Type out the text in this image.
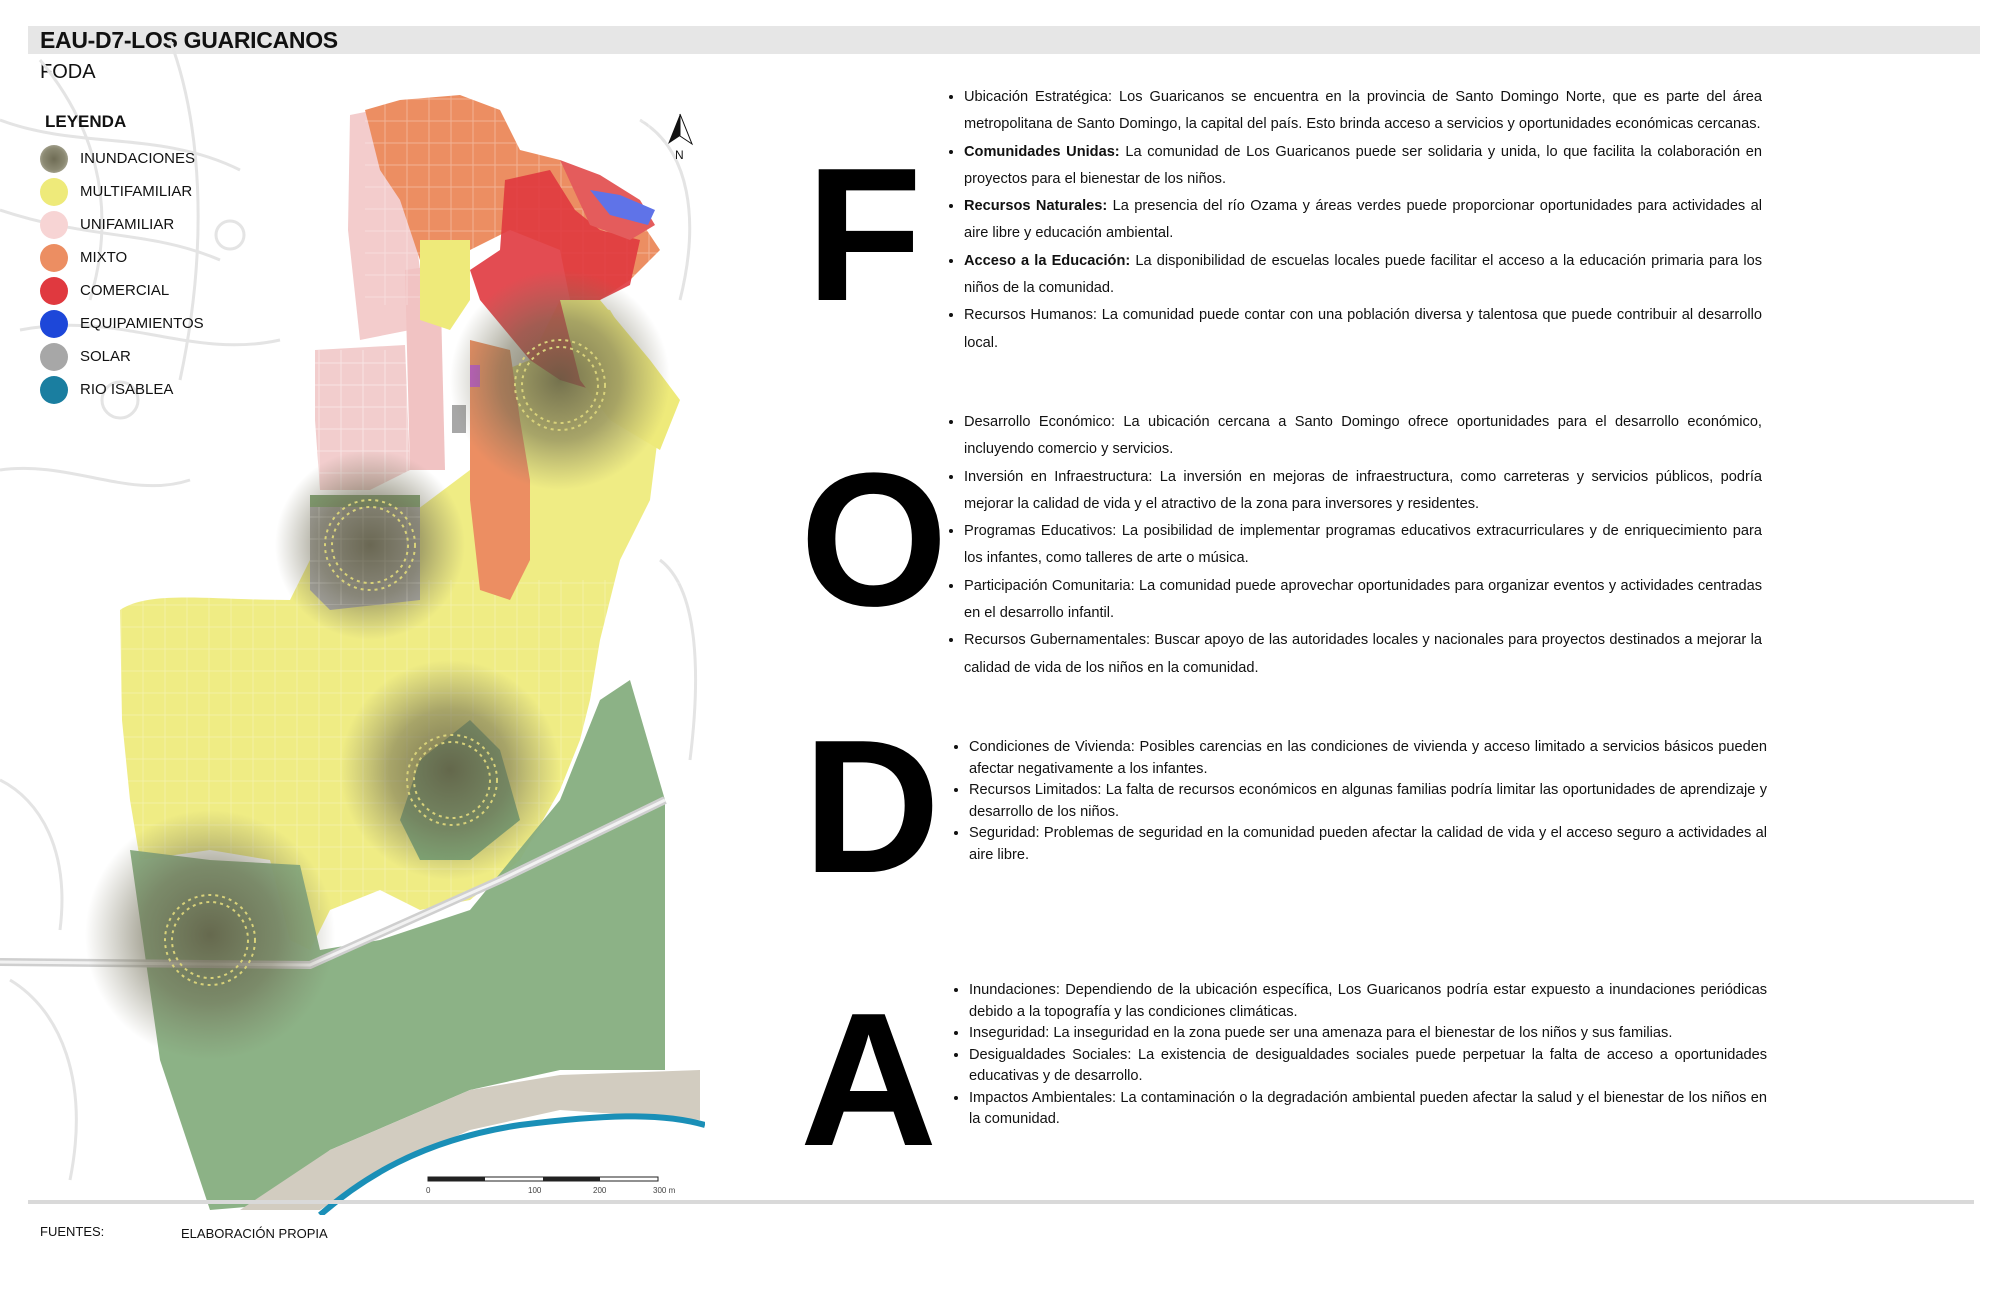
EAU-D7-LOS GUARICANOS
FODA
0	100	200	300 m
LEYENDA
INUNDACIONES
MULTIFAMILIAR
UNIFAMILIAR
MIXTO
COMERCIAL
EQUIPAMIENTOS
SOLAR
RIO ISABLEA
N F
O
D
A
• Ubicación Estratégica: Los Guaricanos se encuentra en la provincia de Santo Domingo Norte, que es parte del área metropolitana de Santo Domingo, la capital del país. Esto brinda acceso a servicios y oportunidades económicas cercanas.
• Comunidades Unidas: La comunidad de Los Guaricanos puede ser solidaria y unida, lo que facilita la colaboración en proyectos para el bienestar de los niños.
• Recursos Naturales: La presencia del río Ozama y áreas verdes puede proporcionar oportunidades para actividades al aire libre y educación ambiental.
• Acceso a la Educación: La disponibilidad de escuelas locales puede facilitar el acceso a la educación primaria para los niños de la comunidad.
• Recursos Humanos: La comunidad puede contar con una población diversa y talentosa que puede contribuir al desarrollo local.
• Desarrollo Económico: La ubicación cercana a Santo Domingo ofrece oportunidades para el desarrollo económico, incluyendo comercio y servicios.
• Inversión en Infraestructura: La inversión en mejoras de infraestructura, como carreteras y servicios públicos, podría mejorar la calidad de vida y el atractivo de la zona para inversores y residentes.
• Programas Educativos: La posibilidad de implementar programas educativos extracurriculares y de enriquecimiento para los infantes, como talleres de arte o música.
• Participación Comunitaria: La comunidad puede aprovechar oportunidades para organizar eventos y actividades centradas en el desarrollo infantil.
• Recursos Gubernamentales: Buscar apoyo de las autoridades locales y nacionales para proyectos destinados a mejorar la calidad de vida de los niños en la comunidad.
• Condiciones de Vivienda: Posibles carencias en las condiciones de vivienda y acceso limitado a servicios básicos pueden afectar negativamente a los infantes.
• Recursos Limitados: La falta de recursos económicos en algunas familias podría limitar las oportunidades de aprendizaje y desarrollo de los niños.
• Seguridad: Problemas de seguridad en la comunidad pueden afectar la calidad de vida y el acceso seguro a actividades al aire libre.
• Inundaciones: Dependiendo de la ubicación específica, Los Guaricanos podría estar expuesto a inundaciones periódicas debido a la topografía y las condiciones climáticas.
• Inseguridad: La inseguridad en la zona puede ser una amenaza para el bienestar de los niños y sus familias.
• Desigualdades Sociales: La existencia de desigualdades sociales puede perpetuar la falta de acceso a oportunidades educativas y de desarrollo.
• Impactos Ambientales: La contaminación o la degradación ambiental pueden afectar la salud y el bienestar de los niños en la comunidad.
FUENTES:	ELABORACIÓN PROPIA
